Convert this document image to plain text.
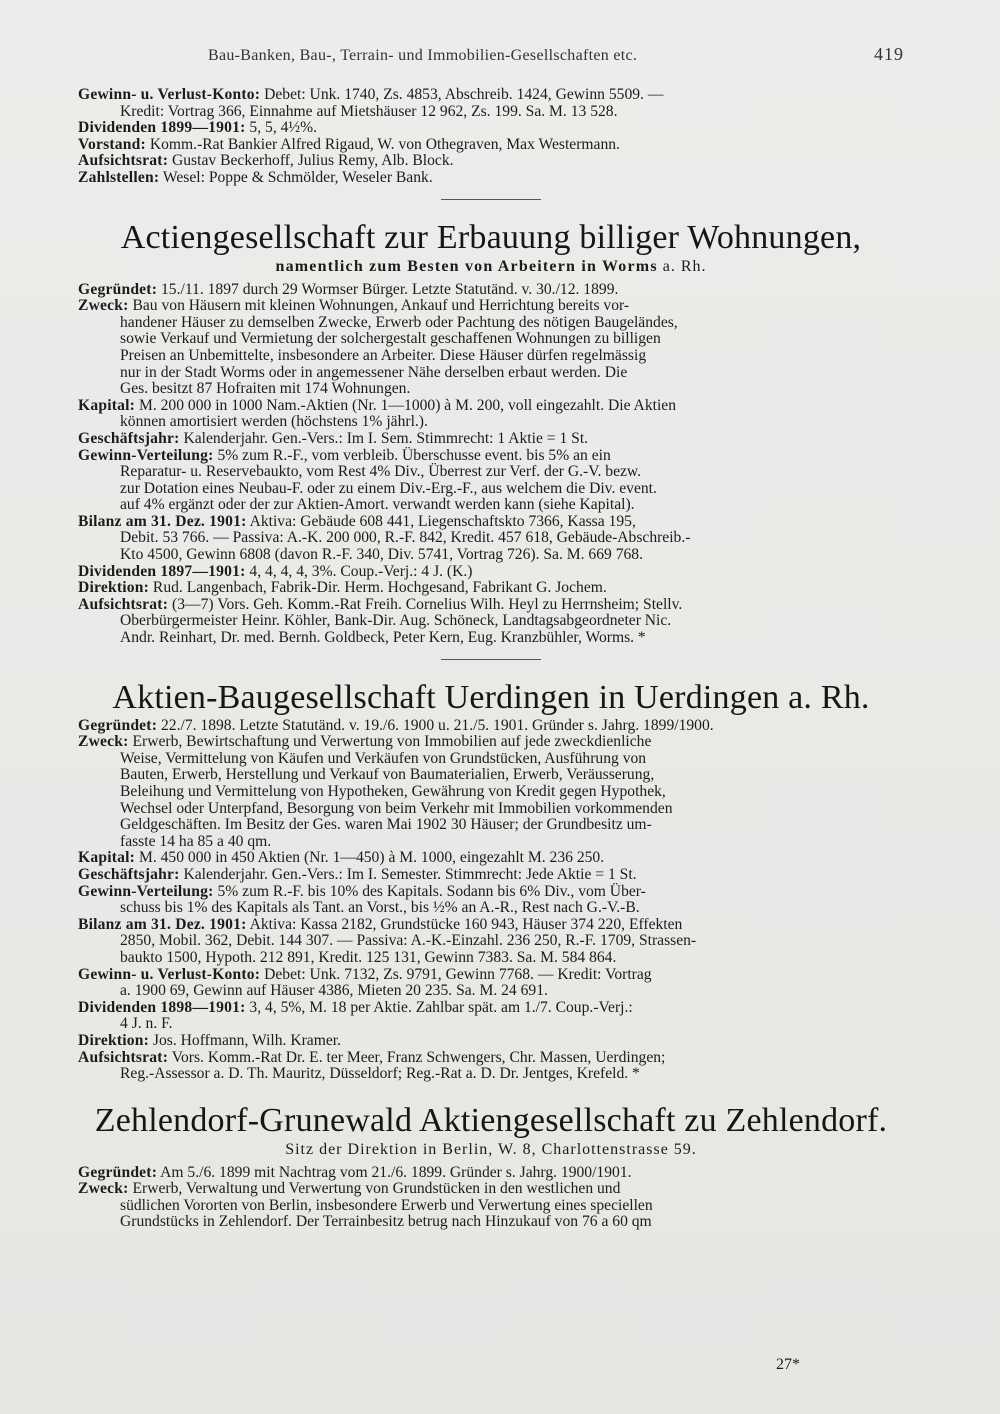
Bau-Banken, Bau-, Terrain- und Immobilien-Gesellschaften etc.	419

Gewinn- u. Verlust-Konto: Debet: Unk. 1740, Zs. 4853, Abschreib. 1424, Gewinn 5509. —

Kredit: Vortrag 366, Einnahme auf Mietshäuser 12 962, Zs. 199. Sa. M. 13 528.

Dividenden 1899—1901: 5, 5, 4½%.

Vorstand: Komm.-Rat Bankier Alfred Rigaud, W. von Othegraven, Max Westermann.

Aufsichtsrat: Gustav Beckerhoff, Julius Remy, Alb. Block.

Zahlstellen: Wesel: Poppe & Schmölder, Weseler Bank.

Actiengesellschaft zur Erbauung billiger Wohnungen,

namentlich zum Besten von Arbeitern in Worms a. Rh.

Gegründet: 15./11. 1897 durch 29 Wormser Bürger. Letzte Statutänd. v. 30./12. 1899.

Zweck: Bau von Häusern mit kleinen Wohnungen, Ankauf und Herrichtung bereits vor-

handener Häuser zu demselben Zwecke, Erwerb oder Pachtung des nötigen Baugeländes,

sowie Verkauf und Vermietung der solchergestalt geschaffenen Wohnungen zu billigen

Preisen an Unbemittelte, insbesondere an Arbeiter. Diese Häuser dürfen regelmässig

nur in der Stadt Worms oder in angemessener Nähe derselben erbaut werden. Die

Ges. besitzt 87 Hofraiten mit 174 Wohnungen.

Kapital: M. 200 000 in 1000 Nam.-Aktien (Nr. 1—1000) à M. 200, voll eingezahlt. Die Aktien

können amortisiert werden (höchstens 1% jährl.).

Geschäftsjahr: Kalenderjahr. Gen.-Vers.: Im I. Sem. Stimmrecht: 1 Aktie = 1 St.

Gewinn-Verteilung: 5% zum R.-F., vom verbleib. Überschusse event. bis 5% an ein

Reparatur- u. Reservebaukto, vom Rest 4% Div., Überrest zur Verf. der G.-V. bezw.

zur Dotation eines Neubau-F. oder zu einem Div.-Erg.-F., aus welchem die Div. event.

auf 4% ergänzt oder der zur Aktien-Amort. verwandt werden kann (siehe Kapital).

Bilanz am 31. Dez. 1901: Aktiva: Gebäude 608 441, Liegenschaftskto 7366, Kassa 195,

Debit. 53 766. — Passiva: A.-K. 200 000, R.-F. 842, Kredit. 457 618, Gebäude-Abschreib.-

Kto 4500, Gewinn 6808 (davon R.-F. 340, Div. 5741, Vortrag 726). Sa. M. 669 768.

Dividenden 1897—1901: 4, 4, 4, 4, 3%. Coup.-Verj.: 4 J. (K.)

Direktion: Rud. Langenbach, Fabrik-Dir. Herm. Hochgesand, Fabrikant G. Jochem.

Aufsichtsrat: (3—7) Vors. Geh. Komm.-Rat Freih. Cornelius Wilh. Heyl zu Herrnsheim; Stellv.

Oberbürgermeister Heinr. Köhler, Bank-Dir. Aug. Schöneck, Landtagsabgeordneter Nic.

Andr. Reinhart, Dr. med. Bernh. Goldbeck, Peter Kern, Eug. Kranzbühler, Worms. *

Aktien-Baugesellschaft Uerdingen in Uerdingen a. Rh.

Gegründet: 22./7. 1898. Letzte Statutänd. v. 19./6. 1900 u. 21./5. 1901. Gründer s. Jahrg. 1899/1900.

Zweck: Erwerb, Bewirtschaftung und Verwertung von Immobilien auf jede zweckdienliche

Weise, Vermittelung von Käufen und Verkäufen von Grundstücken, Ausführung von

Bauten, Erwerb, Herstellung und Verkauf von Baumaterialien, Erwerb, Veräusserung,

Beleihung und Vermittelung von Hypotheken, Gewährung von Kredit gegen Hypothek,

Wechsel oder Unterpfand, Besorgung von beim Verkehr mit Immobilien vorkommenden

Geldgeschäften. Im Besitz der Ges. waren Mai 1902 30 Häuser; der Grundbesitz um-

fasste 14 ha 85 a 40 qm.

Kapital: M. 450 000 in 450 Aktien (Nr. 1—450) à M. 1000, eingezahlt M. 236 250.

Geschäftsjahr: Kalenderjahr. Gen.-Vers.: Im I. Semester. Stimmrecht: Jede Aktie = 1 St.

Gewinn-Verteilung: 5% zum R.-F. bis 10% des Kapitals. Sodann bis 6% Div., vom Über-

schuss bis 1% des Kapitals als Tant. an Vorst., bis ½% an A.-R., Rest nach G.-V.-B.

Bilanz am 31. Dez. 1901: Aktiva: Kassa 2182, Grundstücke 160 943, Häuser 374 220, Effekten

2850, Mobil. 362, Debit. 144 307. — Passiva: A.-K.-Einzahl. 236 250, R.-F. 1709, Strassen-

baukto 1500, Hypoth. 212 891, Kredit. 125 131, Gewinn 7383. Sa. M. 584 864.

Gewinn- u. Verlust-Konto: Debet: Unk. 7132, Zs. 9791, Gewinn 7768. — Kredit: Vortrag

a. 1900 69, Gewinn auf Häuser 4386, Mieten 20 235. Sa. M. 24 691.

Dividenden 1898—1901: 3, 4, 5%, M. 18 per Aktie. Zahlbar spät. am 1./7. Coup.-Verj.:

4 J. n. F.

Direktion: Jos. Hoffmann, Wilh. Kramer.

Aufsichtsrat: Vors. Komm.-Rat Dr. E. ter Meer, Franz Schwengers, Chr. Massen, Uerdingen;

Reg.-Assessor a. D. Th. Mauritz, Düsseldorf; Reg.-Rat a. D. Dr. Jentges, Krefeld. *

Zehlendorf-Grunewald Aktiengesellschaft zu Zehlendorf.

Sitz der Direktion in Berlin, W. 8, Charlottenstrasse 59.

Gegründet: Am 5./6. 1899 mit Nachtrag vom 21./6. 1899. Gründer s. Jahrg. 1900/1901.

Zweck: Erwerb, Verwaltung und Verwertung von Grundstücken in den westlichen und

südlichen Vororten von Berlin, insbesondere Erwerb und Verwertung eines speciellen

Grundstücks in Zehlendorf. Der Terrainbesitz betrug nach Hinzukauf von 76 a 60 qm

27*
